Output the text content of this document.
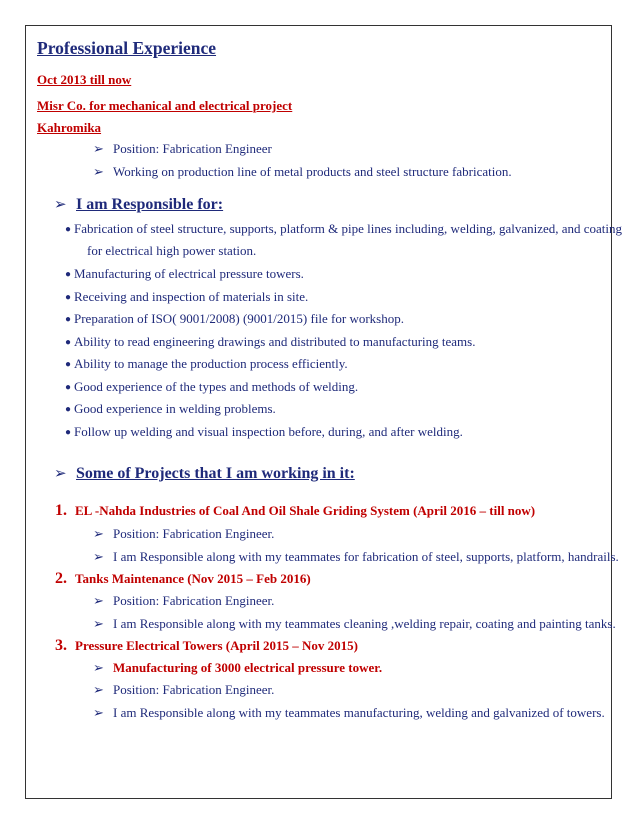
Professional Experience
Oct 2013 till now
Misr Co. for mechanical and electrical project
Kahromika
➢ Position: Fabrication Engineer
➢ Working on production line of metal products and steel structure fabrication.
➢ I am Responsible for:
● Fabrication of steel structure, supports, platform & pipe lines including, welding, galvanized, and coating
for electrical high power station.
● Manufacturing of electrical pressure towers.
● Receiving and inspection of materials in site.
● Preparation of ISO( 9001/2008) (9001/2015) file for workshop.
● Ability to read engineering drawings and distributed to manufacturing teams.
● Ability to manage the production process efficiently.
● Good experience of the types and methods of welding.
● Good experience in welding problems.
● Follow up welding and visual inspection before, during, and after welding.
➢ Some of Projects that I am working in it:
1. EL -Nahda Industries of Coal And Oil Shale Griding System (April 2016 – till now)
➢ Position: Fabrication Engineer.
➢ I am Responsible along with my teammates for fabrication of steel, supports, platform, handrails.
2. Tanks Maintenance (Nov 2015 – Feb 2016)
➢ Position: Fabrication Engineer.
➢ I am Responsible along with my teammates cleaning ,welding repair, coating and painting tanks.
3. Pressure Electrical Towers (April 2015 – Nov 2015)
➢ Manufacturing of 3000 electrical pressure tower.
➢ Position: Fabrication Engineer.
➢ I am Responsible along with my teammates manufacturing, welding and galvanized of towers.
